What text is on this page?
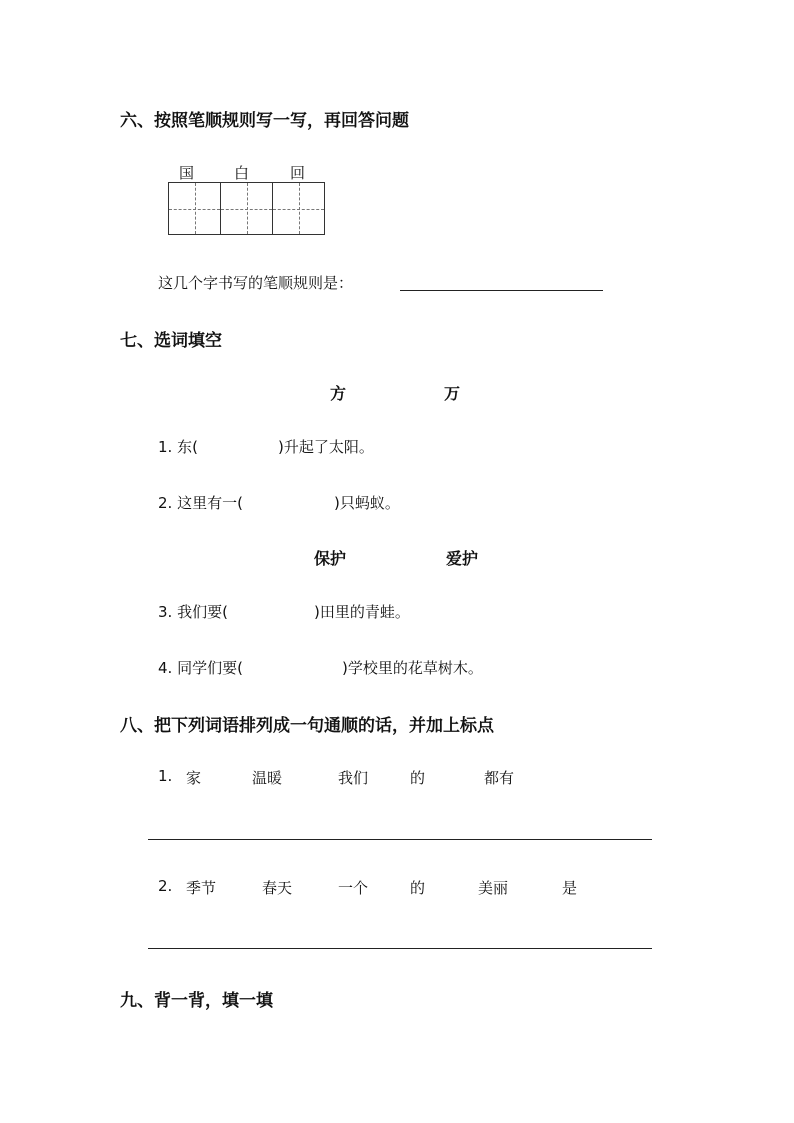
六、按照笔顺规则写一写，再回答问题
国	白	回
这几个字书写的笔顺规则是：
七、选词填空
方	万
1. 东(	)升起了太阳。
2. 这里有一(	)只蚂蚁。
保护	爱护
3. 我们要(	)田里的青蛙。
4. 同学们要(	)学校里的花草树木。
八、把下列词语排列成一句通顺的话，并加上标点
1. 家	温暖	我们	的	都有
2. 季节	春天	一个	的	美丽	是
九、背一背，填一填
